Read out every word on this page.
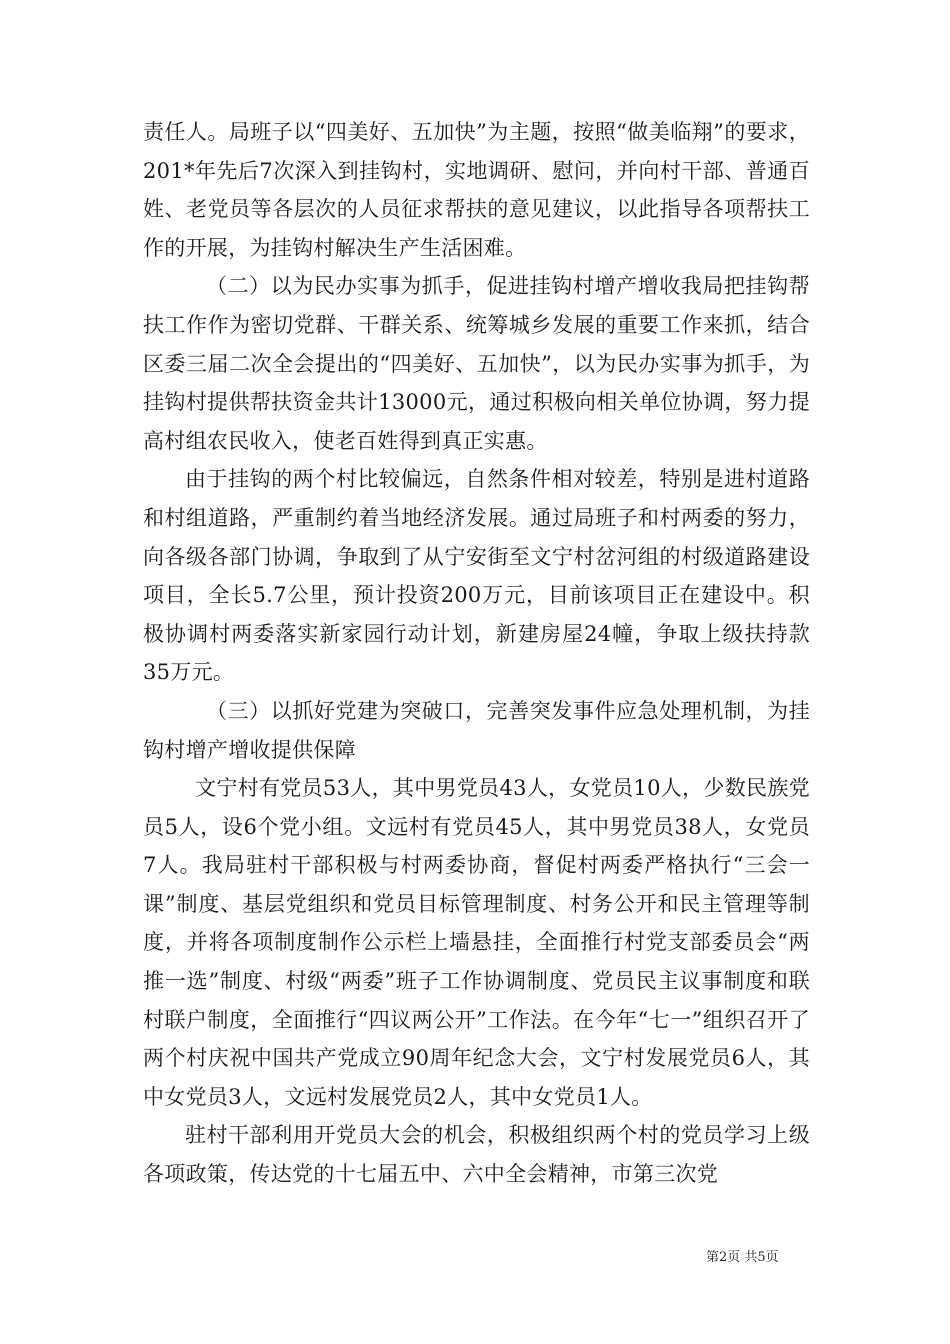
责任人。局班子以“四美好、五加快”为主题，按照“做美临翔”的要求，201*年先后7次深入到挂钩村，实地调研、慰问，并向村干部、普通百姓、老党员等各层次的人员征求帮扶的意见建议，以此指导各项帮扶工作的开展，为挂钩村解决生产生活困难。

（二）以为民办实事为抓手，促进挂钩村增产增收我局把挂钩帮扶工作作为密切党群、干群关系、统筹城乡发展的重要工作来抓，结合区委三届二次全会提出的“四美好、五加快”，以为民办实事为抓手，为挂钩村提供帮扶资金共计13000元，通过积极向相关单位协调，努力提高村组农民收入，使老百姓得到真正实惠。

由于挂钩的两个村比较偏远，自然条件相对较差，特别是进村道路和村组道路，严重制约着当地经济发展。通过局班子和村两委的努力，向各级各部门协调，争取到了从宁安街至文宁村岔河组的村级道路建设项目，全长5.7公里，预计投资200万元，目前该项目正在建设中。积极协调村两委落实新家园行动计划，新建房屋24幢，争取上级扶持款35万元。

（三）以抓好党建为突破口，完善突发事件应急处理机制，为挂钩村增产增收提供保障

文宁村有党员53人，其中男党员43人，女党员10人，少数民族党员5人，设6个党小组。文远村有党员45人，其中男党员38人，女党员7人。我局驻村干部积极与村两委协商，督促村两委严格执行“三会一课”制度、基层党组织和党员目标管理制度、村务公开和民主管理等制度，并将各项制度制作公示栏上墙悬挂，全面推行村党支部委员会“两推一选”制度、村级“两委”班子工作协调制度、党员民主议事制度和联村联户制度，全面推行“四议两公开”工作法。在今年“七一”组织召开了两个村庆祝中国共产党成立90周年纪念大会，文宁村发展党员6人，其中女党员3人，文远村发展党员2人，其中女党员1人。

驻村干部利用开党员大会的机会，积极组织两个村的党员学习上级各项政策，传达党的十七届五中、六中全会精神，市第三次党

第2页 共5页
